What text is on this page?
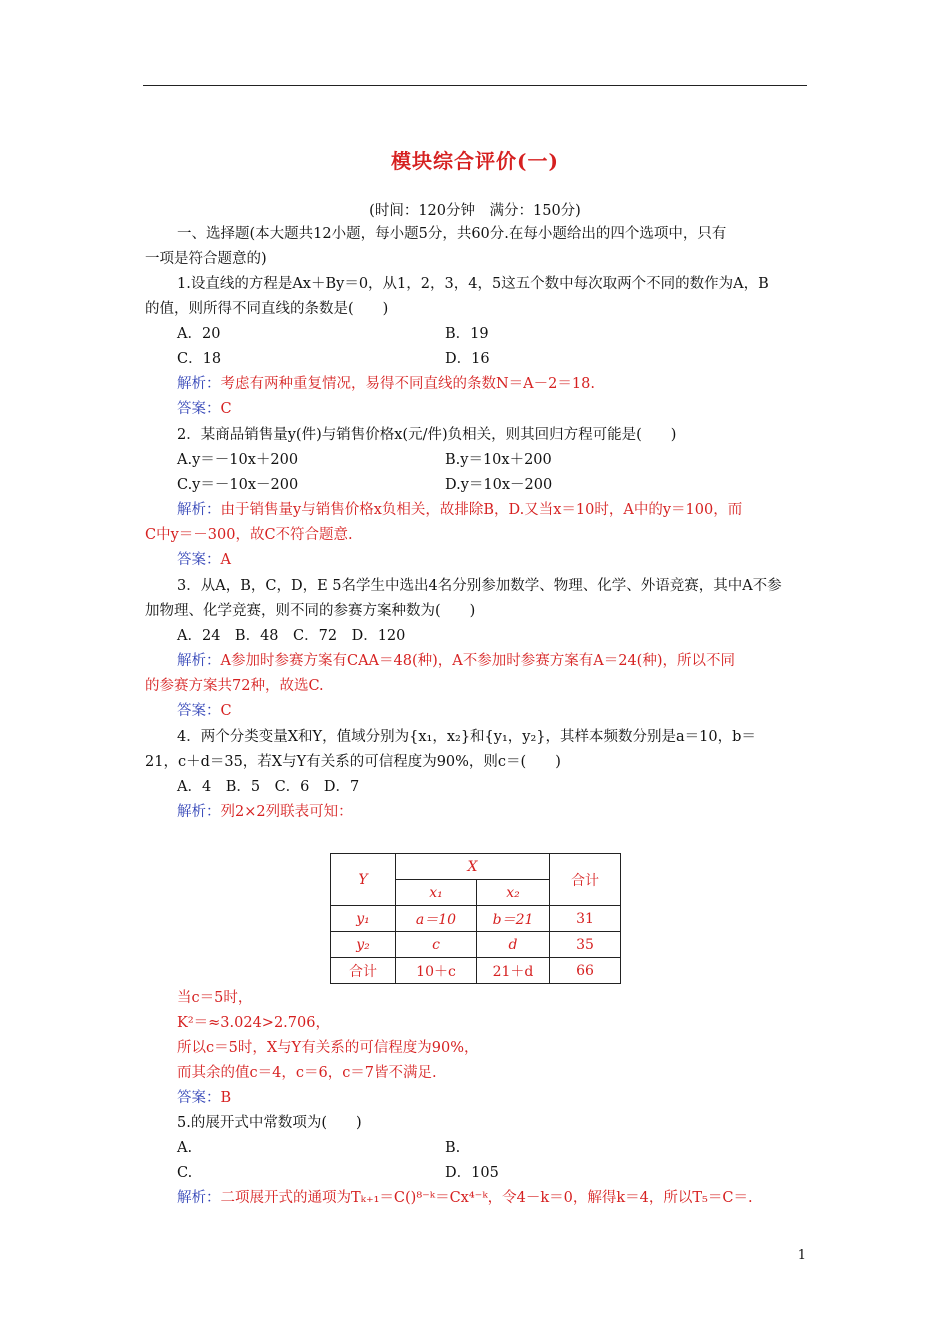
模块综合评价(一)
(时间：120分钟　满分：150分)
一、选择题(本大题共12小题，每小题5分，共60分.在每小题给出的四个选项中，只有
一项是符合题意的)
1.设直线的方程是Ax＋By＝0，从1，2，3，4，5这五个数中每次取两个不同的数作为A，B
的值，则所得不同直线的条数是(　　)
A．20	B．19
C．18	D．16
解析：考虑有两种重复情况，易得不同直线的条数N＝A－2＝18.
答案：C
2．某商品销售量y(件)与销售价格x(元/件)负相关，则其回归方程可能是(　　)
A.y＝－10x＋200	B.y＝10x＋200
C.y＝－10x－200	D.y＝10x－200
解析：由于销售量y与销售价格x负相关，故排除B，D.又当x＝10时，A中的y＝100，而
C中y＝－300，故C不符合题意.
答案：A
3．从A，B，C，D，E 5名学生中选出4名分别参加数学、物理、化学、外语竞赛，其中A不参
加物理、化学竞赛，则不同的参赛方案种数为(　　)
A．24　B．48　C．72　D．120
解析：A参加时参赛方案有CAA＝48(种)，A不参加时参赛方案有A＝24(种)，所以不同
的参赛方案共72种，故选C.
答案：C
4．两个分类变量X和Y，值域分别为{x₁，x₂}和{y₁，y₂}，其样本频数分别是a＝10，b＝
21，c＋d＝35，若X与Y有关系的可信程度为90%，则c＝(　　)
A．4　B．5　C．6　D．7
解析：列2×2列联表可知：
Y	X		合计
	x₁	x₂	
y₁	a＝10	b＝21	31
y₂	c	d	35
合计	10＋c	21＋d	66
当c＝5时，
K²＝≈3.024>2.706，
所以c＝5时，X与Y有关系的可信程度为90%，
而其余的值c＝4，c＝6，c＝7皆不满足.
答案：B
5.的展开式中常数项为(　　)
A.	B.
C.	D．105
解析：二项展开式的通项为Tₖ₊₁＝C()⁸⁻ᵏ＝Cx⁴⁻ᵏ，令4－k＝0，解得k＝4，所以T₅＝C＝.
1
